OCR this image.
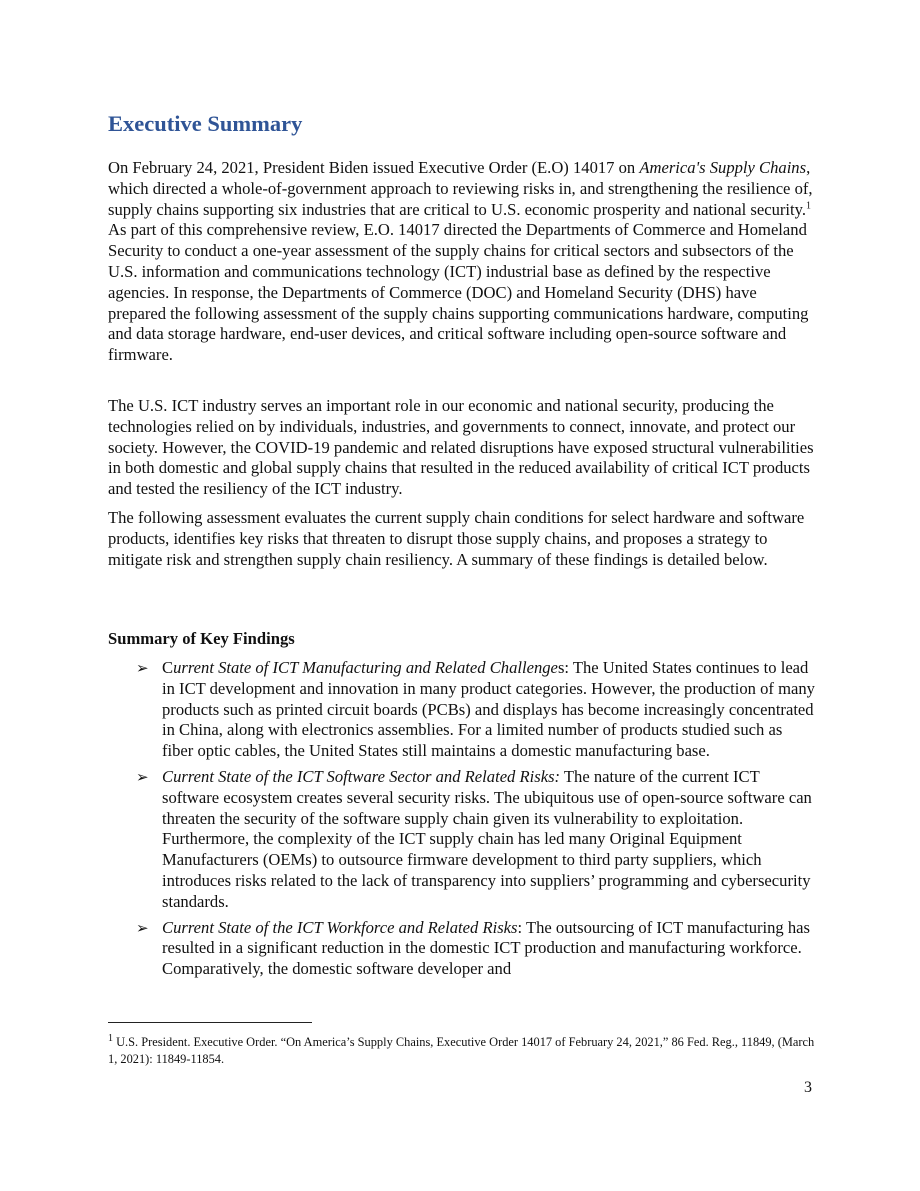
Executive Summary

On February 24, 2021, President Biden issued Executive Order (E.O) 14017 on America's Supply Chains, which directed a whole-of-government approach to reviewing risks in, and strengthening the resilience of, supply chains supporting six industries that are critical to U.S. economic prosperity and national security.$^1$ As part of this comprehensive review, E.O. 14017 directed the Departments of Commerce and Homeland Security to conduct a one-year assessment of the supply chains for critical sectors and subsectors of the U.S. information and communications technology (ICT) industrial base as defined by the respective agencies. In response, the Departments of Commerce (DOC) and Homeland Security (DHS) have prepared the following assessment of the supply chains supporting communications hardware, computing and data storage hardware, end-user devices, and critical software including open-source software and firmware.

The U.S. ICT industry serves an important role in our economic and national security, producing the technologies relied on by individuals, industries, and governments to connect, innovate, and protect our society. However, the COVID-19 pandemic and related disruptions have exposed structural vulnerabilities in both domestic and global supply chains that resulted in the reduced availability of critical ICT products and tested the resiliency of the ICT industry.

The following assessment evaluates the current supply chain conditions for select hardware and software products, identifies key risks that threaten to disrupt those supply chains, and proposes a strategy to mitigate risk and strengthen supply chain resiliency. A summary of these findings is detailed below.

Summary of Key Findings
➢ Current State of ICT Manufacturing and Related Challenges: The United States continues to lead in ICT development and innovation in many product categories. However, the production of many products such as printed circuit boards (PCBs) and displays has become increasingly concentrated in China, along with electronics assemblies. For a limited number of products studied such as fiber optic cables, the United States still maintains a domestic manufacturing base.
➢ Current State of the ICT Software Sector and Related Risks: The nature of the current ICT software ecosystem creates several security risks. The ubiquitous use of open-source software can threaten the security of the software supply chain given its vulnerability to exploitation. Furthermore, the complexity of the ICT supply chain has led many Original Equipment Manufacturers (OEMs) to outsource firmware development to third party suppliers, which introduces risks related to the lack of transparency into suppliers’ programming and cybersecurity standards.
➢ Current State of the ICT Workforce and Related Risks: The outsourcing of ICT manufacturing has resulted in a significant reduction in the domestic ICT production and manufacturing workforce. Comparatively, the domestic software developer and

$^1$ U.S. President. Executive Order. “On America’s Supply Chains, Executive Order 14017 of February 24, 2021,” 86 Fed. Reg., 11849, (March 1, 2021): 11849-11854.

3
